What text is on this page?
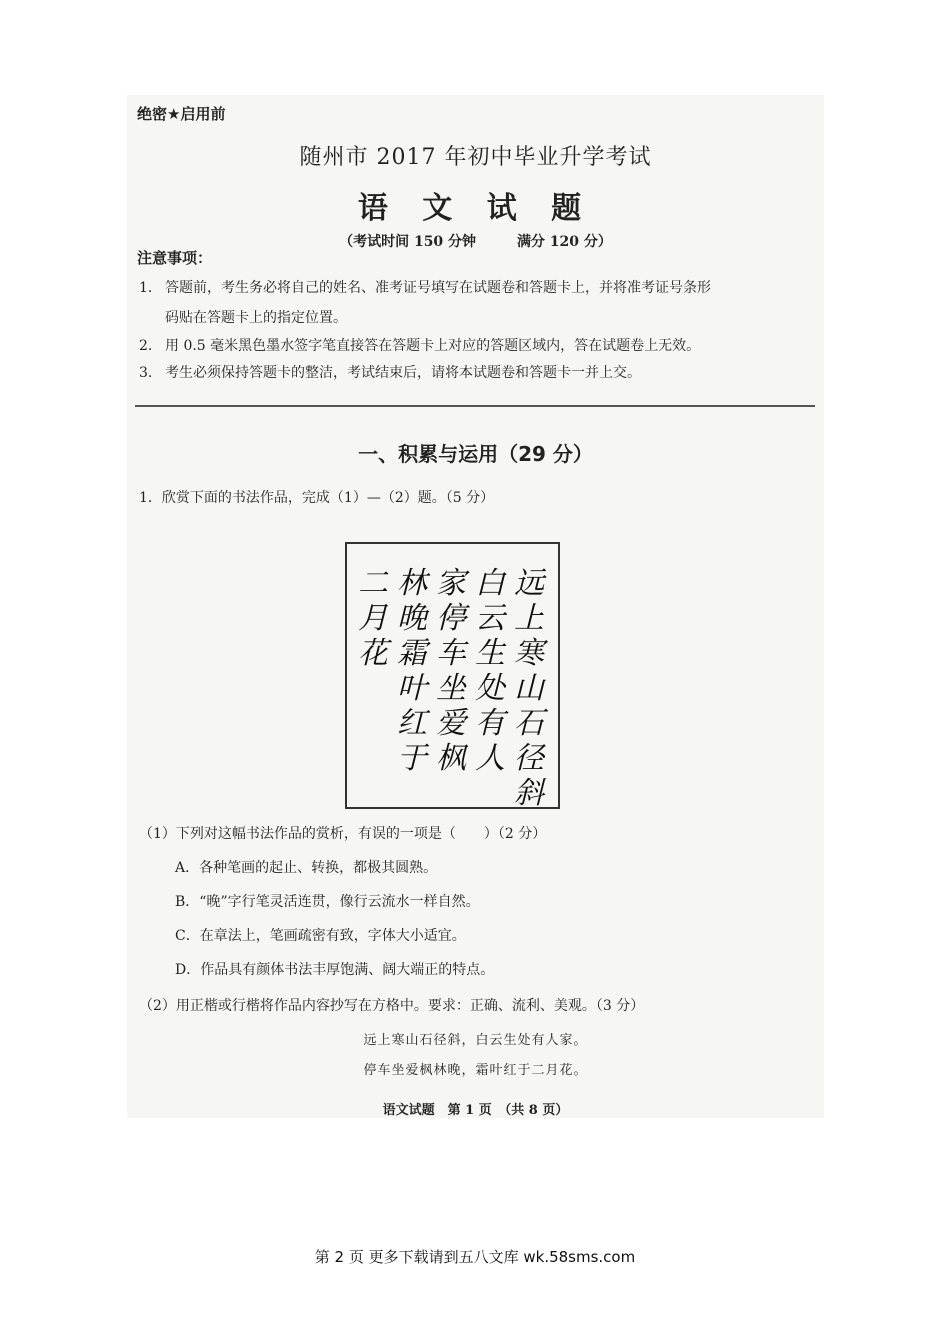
绝密★启用前
随州市 2017 年初中毕业升学考试
语 文 试 题
（考试时间 150 分钟	满分 120 分）
注意事项：
1. 答题前，考生务必将自己的姓名、准考证号填写在试题卷和答题卡上，并将准考证号条形
码贴在答题卡上的指定位置。
2. 用 0.5 毫米黑色墨水签字笔直接答在答题卡上对应的答题区域内，答在试题卷上无效。
3. 考生必须保持答题卡的整洁，考试结束后，请将本试题卷和答题卡一并上交。
一、积累与运用（29 分）
1．欣赏下面的书法作品，完成（1）—（2）题。（5 分）
远
上
寒
山
石
径
斜
白
云
生
处
有
人
家
停
车
坐
爱
枫
林
晚
霜
叶
红
于
二
月
花
（1）下列对这幅书法作品的赏析，有误的一项是（　　）（2 分）
A．各种笔画的起止、转换，都极其圆熟。
B．“晚”字行笔灵活连贯，像行云流水一样自然。
C．在章法上，笔画疏密有致，字体大小适宜。
D．作品具有颜体书法丰厚饱满、阔大端正的特点。
（2）用正楷或行楷将作品内容抄写在方格中。要求：正确、流利、美观。（3 分）
远上寒山石径斜，白云生处有人家。
停车坐爱枫林晚，霜叶红于二月花。
语文试题　第 1 页　（共 8 页）
第 2 页 更多下载请到五八文库 wk.58sms.com
